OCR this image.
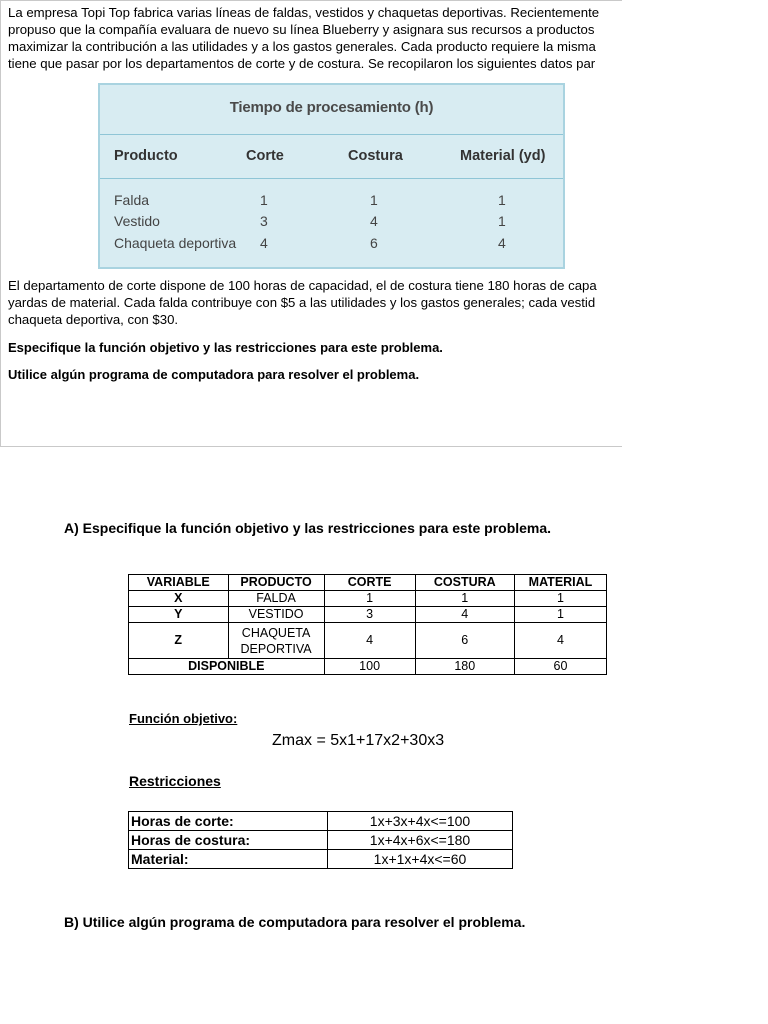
La empresa Topi Top fabrica varias líneas de faldas, vestidos y chaquetas deportivas. Recientemente
propuso que la compañía evaluara de nuevo su línea Blueberry y asignara sus recursos a productos
maximizar la contribución a las utilidades y a los gastos generales. Cada producto requiere la misma
tiene que pasar por los departamentos de corte y de costura. Se recopilaron los siguientes datos par
Tiempo de procesamiento (h)
Producto	Corte	Costura	Material (yd)
Falda	1	1	1
Vestido	3	4	1
Chaqueta deportiva 4	6	4
El departamento de corte dispone de 100 horas de capacidad, el de costura tiene 180 horas de capa
yardas de material. Cada falda contribuye con $5 a las utilidades y los gastos generales; cada vestid
chaqueta deportiva, con $30.
Especifique la función objetivo y las restricciones para este problema.
Utilice algún programa de computadora para resolver el problema.
A) Especifique la función objetivo y las restricciones para este problema.
VARIABLE	PRODUCTO	CORTE	COSTURA	MATERIAL
X	FALDA	1	1	1
Y	VESTIDO	3	4	1
Z	CHAQUETA DEPORTIVA	4	6	4
DISPONIBLE		100	180	60
Función objetivo:
Zmax = 5x1+17x2+30x3
Restricciones
Horas de corte:	1x+3x+4x<=100
Horas de costura:	1x+4x+6x<=180
Material:	1x+1x+4x<=60
B) Utilice algún programa de computadora para resolver el problema.
